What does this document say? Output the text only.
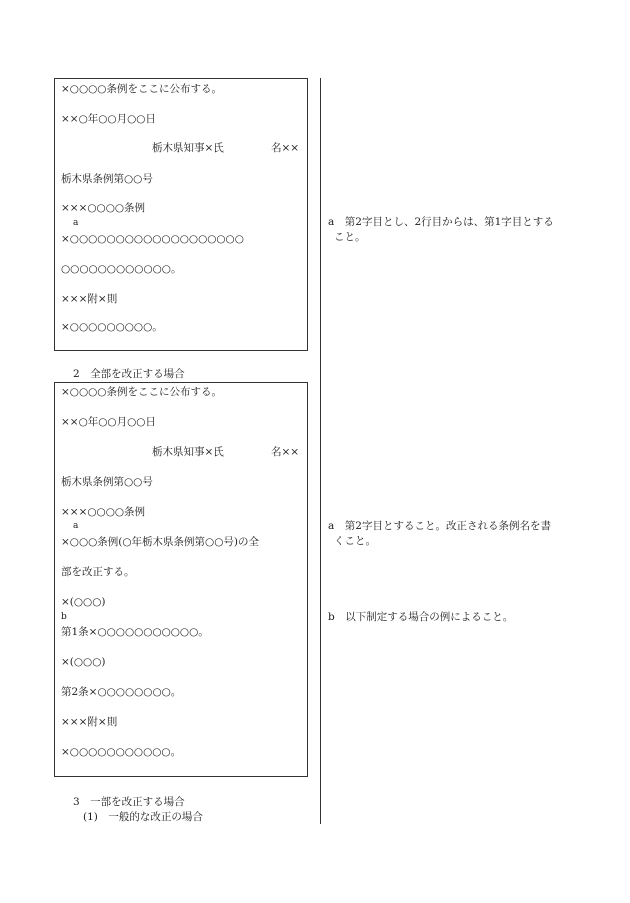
×○○○○条例をここに公布する。
××○年○○月○○日
栃木県知事×氏	名××
栃木県条例第○○号
×××○○○○条例
a
×○○○○○○○○○○○○○○○○○○○
○○○○○○○○○○○○。
×××附×則
×○○○○○○○○○。
2　全部を改正する場合
×○○○○条例をここに公布する。
××○年○○月○○日
栃木県知事×氏	名××
栃木県条例第○○号
×××○○○○条例
a
×○○○条例(○年栃木県条例第○○号)の全
部を改正する。
×(○○○)
b
第1条×○○○○○○○○○○○。
×(○○○)
第2条×○○○○○○○○。
×××附×則
×○○○○○○○○○○○。
3　一部を改正する場合
(1)　一般的な改正の場合
a　第2字目とし、2行目からは、第1字目とする
こと。
a　第2字目とすること。改正される条例名を書
くこと。
b　以下制定する場合の例によること。
